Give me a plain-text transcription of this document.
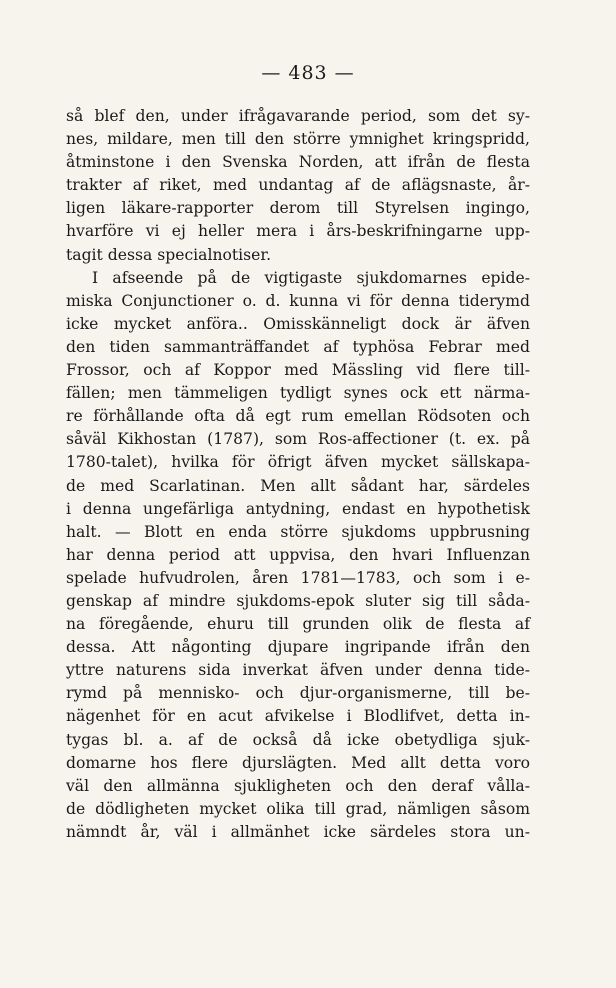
— 483 —
så blef den, under ifrågavarande period, som det sy-
nes, mildare, men till den större ymnighet kringspridd,
åtminstone i den Svenska Norden, att ifrån de flesta
trakter af riket, med undantag af de aflägsnaste, år-
ligen läkare-rapporter derom till Styrelsen ingingo,
hvarföre vi ej heller mera i års-beskrifningarne upp-
tagit dessa specialnotiser.
I afseende på de vigtigaste sjukdomarnes epide-
miska Conjunctioner o. d. kunna vi för denna tiderymd
icke mycket anföra.. Omisskänneligt dock är äfven
den tiden sammanträffandet af typhösa Febrar med
Frossor, och af Koppor med Mässling vid flere till-
fällen; men tämmeligen tydligt synes ock ett närma-
re förhållande ofta då egt rum emellan Rödsoten och
såväl Kikhostan (1787), som Ros-affectioner (t. ex. på
1780-talet), hvilka för öfrigt äfven mycket sällskapa-
de med Scarlatinan. Men allt sådant har, särdeles
i denna ungefärliga antydning, endast en hypothetisk
halt. — Blott en enda större sjukdoms uppbrusning
har denna period att uppvisa, den hvari Influenzan
spelade hufvudrolen, åren 1781—1783, och som i e-
genskap af mindre sjukdoms-epok sluter sig till såda-
na föregående, ehuru till grunden olik de flesta af
dessa. Att någonting djupare ingripande ifrån den
yttre naturens sida inverkat äfven under denna tide-
rymd på mennisko- och djur-organismerne, till be-
nägenhet för en acut afvikelse i Blodlifvet, detta in-
tygas bl. a. af de också då icke obetydliga sjuk-
domarne hos flere djurslägten. Med allt detta voro
väl den allmänna sjukligheten och den deraf vålla-
de dödligheten mycket olika till grad, nämligen såsom
nämndt år, väl i allmänhet icke särdeles stora un-
